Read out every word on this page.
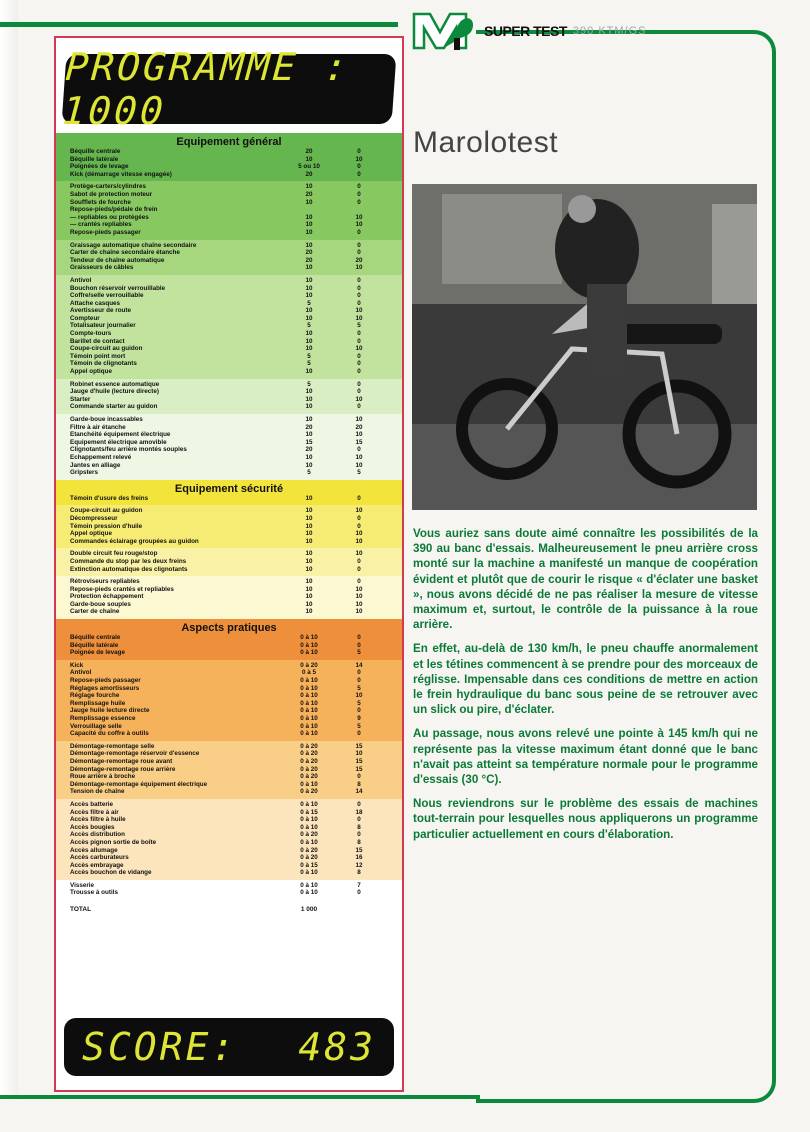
SUPER TEST 390 KTM/GS
PROGRAMME : 1000
Equipement général
Béquille centrale	20	0
Béquille latérale	10	10
Poignées de levage	5 ou 10	0
Kick (démarrage vitesse engagée)	20	0
Protège-carters/cylindres	10	0
Sabot de protection moteur	20	0
Soufflets de fourche	10	0
Repose-pieds/pédale de frein
— repliables ou protégées	10	10
— crantés repliables	10	10
Repose-pieds passager	10	0
Graissage automatique chaîne secondaire	10	0
Carter de chaîne secondaire étanche	20	0
Tendeur de chaîne automatique	20	20
Graisseurs de câbles	10	10
Antivol	10	0
Bouchon réservoir verrouillable	10	0
Coffre/selle verrouillable	10	0
Attache casques	5	0
Avertisseur de route	10	10
Compteur	10	10
Totalisateur journalier	5	5
Compte-tours	10	0
Barillet de contact	10	0
Coupe-circuit au guidon	10	10
Témoin point mort	5	0
Témoin de clignotants	5	0
Appel optique	10	0
Robinet essence automatique	5	0
Jauge d'huile (lecture directe)	10	0
Starter	10	10
Commande starter au guidon	10	0
Garde-boue incassables	10	10
Filtre à air étanche	20	20
Etanchéité équipement électrique	10	10
Equipement électrique amovible	15	15
Clignotants/feu arrière montés souples	20	0
Echappement relevé	10	10
Jantes en alliage	10	10
Gripsters	5	5
Equipement sécurité
Témoin d'usure des freins	10	0
Coupe-circuit au guidon	10	10
Décompresseur	10	0
Témoin pression d'huile	10	0
Appel optique	10	10
Commandes éclairage groupées au guidon	10	10
Double circuit feu rouge/stop	10	10
Commande du stop par les deux freins	10	0
Extinction automatique des clignotants	10	0
Rétroviseurs repliables	10	0
Repose-pieds crantés et repliables	10	10
Protection échappement	10	10
Garde-boue souples	10	10
Carter de chaîne	10	10
Aspects pratiques
Béquille centrale	0 à 10	0
Béquille latérale	0 à 10	0
Poignée de levage	0 à 10	5
Kick	0 à 20	14
Antivol	0 à 5	0
Repose-pieds passager	0 à 10	0
Réglages amortisseurs	0 à 10	5
Réglage fourche	0 à 10	10
Remplissage huile	0 à 10	5
Jauge huile lecture directe	0 à 10	0
Remplissage essence	0 à 10	9
Verrouillage selle	0 à 10	5
Capacité du coffre à outils	0 à 10	0
Démontage-remontage selle	0 à 20	15
Démontage-remontage réservoir d'essence	0 à 20	10
Démontage-remontage roue avant	0 à 20	15
Démontage-remontage roue arrière	0 à 20	15
Roue arrière à broche	0 à 20	0
Démontage-remontage équipement électrique	0 à 10	8
Tension de chaîne	0 à 20	14
Accès batterie	0 à 10	0
Accès filtre à air	0 à 15	18
Accès filtre à huile	0 à 10	0
Accès bougies	0 à 10	8
Accès distribution	0 à 20	0
Accès pignon sortie de boîte	0 à 10	8
Accès allumage	0 à 20	15
Accès carburateurs	0 à 20	16
Accès embrayage	0 à 15	12
Accès bouchon de vidange	0 à 10	8
Visserie	0 à 10	7
Trousse à outils	0 à 10	0
TOTAL	1 000
SCORE: 483
Marolotest

Vous auriez sans doute aimé connaître les possibilités de la 390 au banc d'essais. Malheureusement le pneu arrière cross monté sur la machine a manifesté un manque de coopération évident et plutôt que de courir le risque « d'éclater une basket », nous avons décidé de ne pas réaliser la mesure de vitesse maximum et, surtout, le contrôle de la puissance à la roue arrière.

En effet, au-delà de 130 km/h, le pneu chauffe anormalement et les tétines commencent à se prendre pour des morceaux de réglisse. Impensable dans ces conditions de mettre en action le frein hydraulique du banc sous peine de se retrouver avec un slick ou pire, d'éclater.

Au passage, nous avons relevé une pointe à 145 km/h qui ne représente pas la vitesse maximum étant donné que le banc n'avait pas atteint sa température normale pour le programme d'essais (30 °C).

Nous reviendrons sur le problème des essais de machines tout-terrain pour lesquelles nous appliquerons un programme particulier actuellement en cours d'élaboration.
